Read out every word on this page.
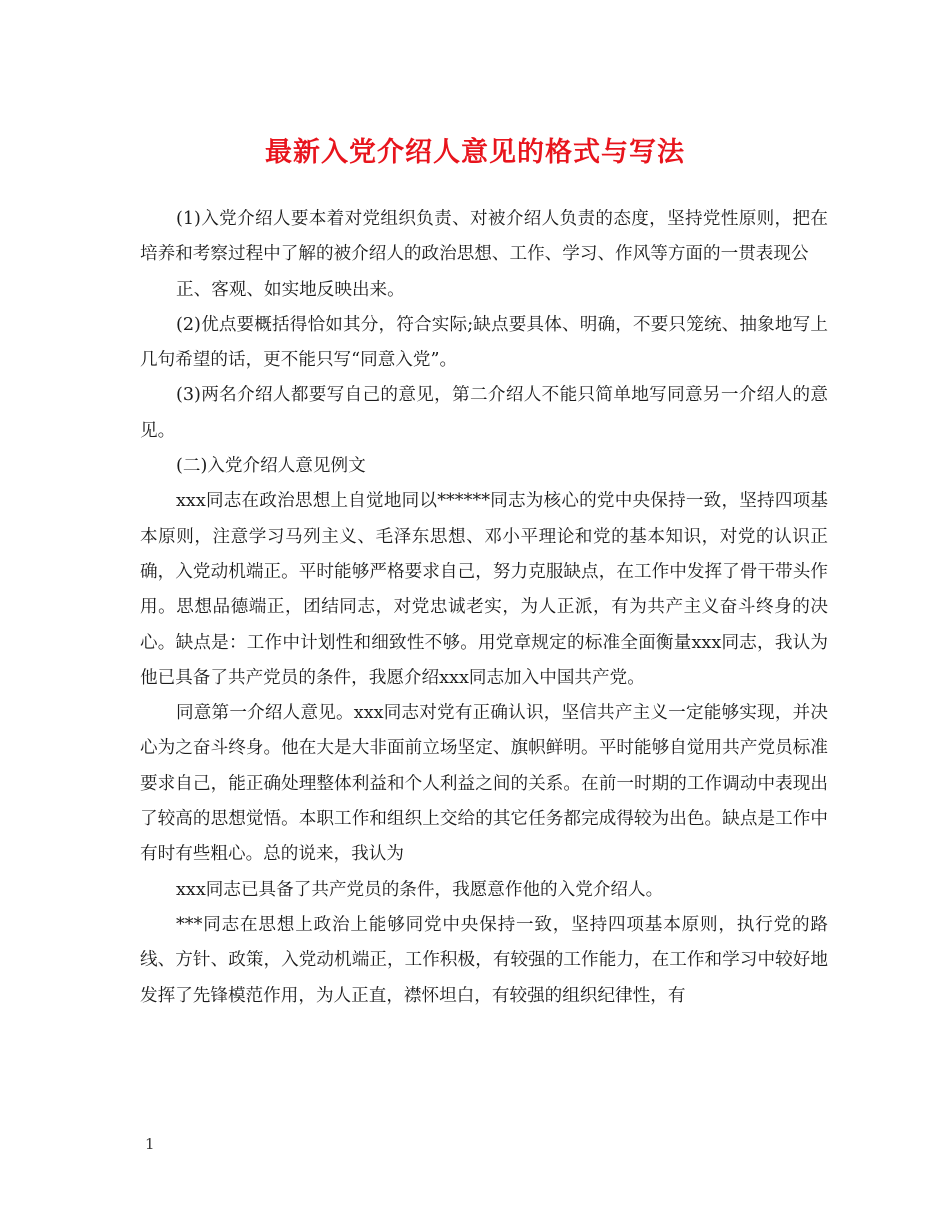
最新入党介绍人意见的格式与写法

(1)入党介绍人要本着对党组织负责、对被介绍人负责的态度，坚持党性原则，把在培养和考察过程中了解的被介绍人的政治思想、工作、学习、作风等方面的一贯表现公

正、客观、如实地反映出来。

(2)优点要概括得恰如其分，符合实际;缺点要具体、明确，不要只笼统、抽象地写上几句希望的话，更不能只写“同意入党”。

(3)两名介绍人都要写自己的意见，第二介绍人不能只简单地写同意另一介绍人的意见。

(二)入党介绍人意见例文

xxx同志在政治思想上自觉地同以******同志为核心的党中央保持一致，坚持四项基本原则，注意学习马列主义、毛泽东思想、邓小平理论和党的基本知识，对党的认识正确，入党动机端正。平时能够严格要求自己，努力克服缺点，在工作中发挥了骨干带头作用。思想品德端正，团结同志，对党忠诚老实，为人正派，有为共产主义奋斗终身的决心。缺点是：工作中计划性和细致性不够。用党章规定的标准全面衡量xxx同志，我认为他已具备了共产党员的条件，我愿介绍xxx同志加入中国共产党。

同意第一介绍人意见。xxx同志对党有正确认识，坚信共产主义一定能够实现，并决心为之奋斗终身。他在大是大非面前立场坚定、旗帜鲜明。平时能够自觉用共产党员标准要求自己，能正确处理整体利益和个人利益之间的关系。在前一时期的工作调动中表现出了较高的思想觉悟。本职工作和组织上交给的其它任务都完成得较为出色。缺点是工作中有时有些粗心。总的说来，我认为

xxx同志已具备了共产党员的条件，我愿意作他的入党介绍人。

***同志在思想上政治上能够同党中央保持一致，坚持四项基本原则，执行党的路线、方针、政策，入党动机端正，工作积极，有较强的工作能力，在工作和学习中较好地发挥了先锋模范作用，为人正直，襟怀坦白，有较强的组织纪律性，有

1
